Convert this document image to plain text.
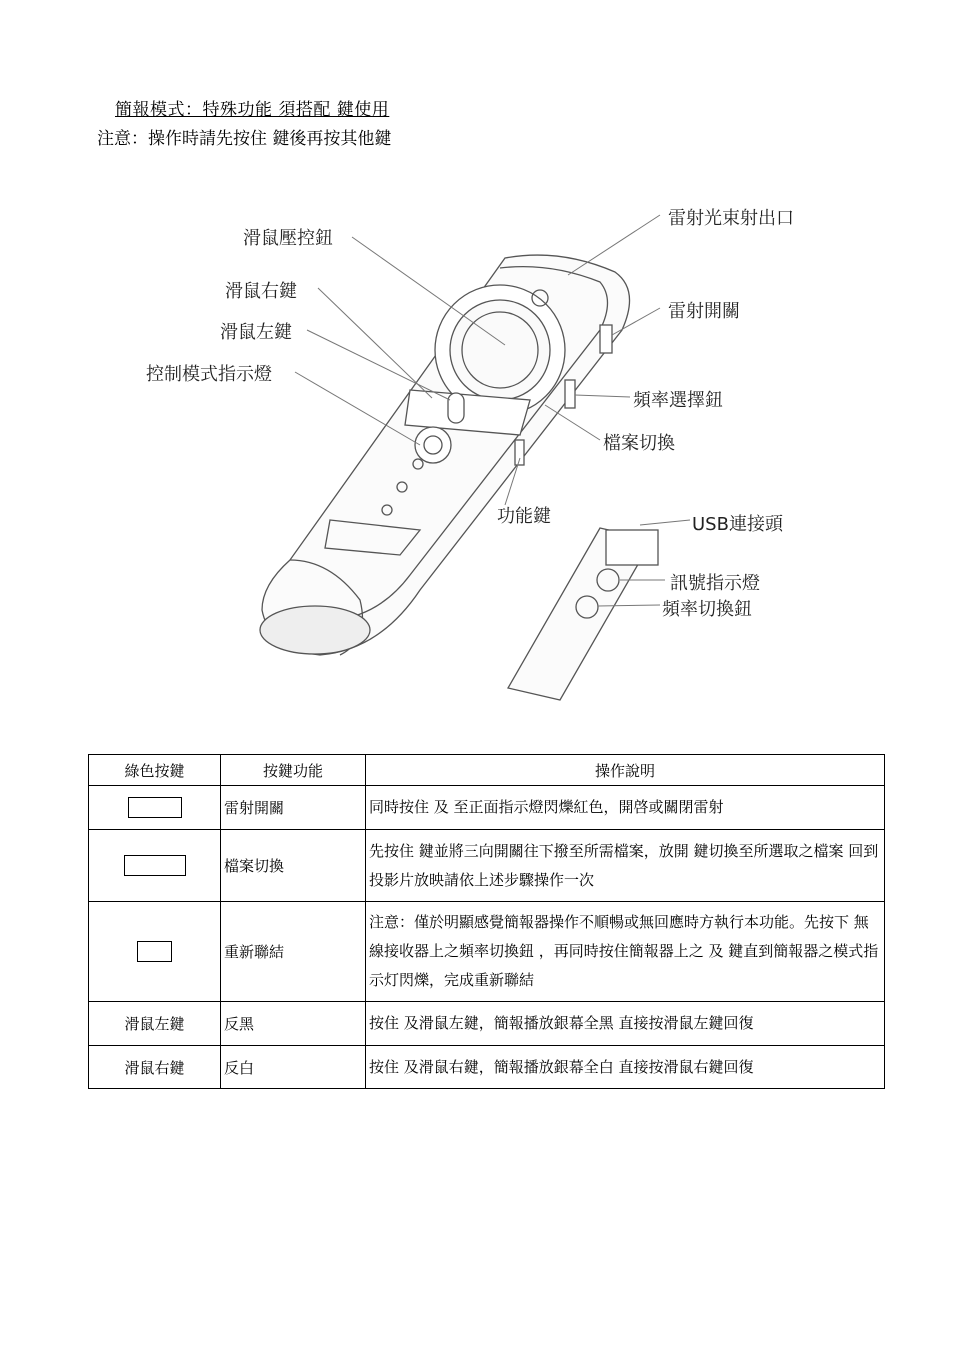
簡報模式：特殊功能 須搭配 鍵使用
注意：操作時請先按住 鍵後再按其他鍵
滑鼠壓控鈕
滑鼠右鍵
滑鼠左鍵
控制模式指示燈
雷射光束射出口
雷射開關
頻率選擇鈕
檔案切換
功能鍵	USB連接頭
訊號指示燈
頻率切換鈕
綠色按鍵	按鍵功能	操作說明
	雷射開關	同時按住 及 至正面指示燈閃爍紅色，開啓或關閉雷射
	檔案切換	先按住 鍵並將三向開關往下撥至所需檔案，放開 鍵切換至所選取之檔案 回到投影片放映請依上述步驟操作一次
	重新聯結	注意：僅於明顯感覺簡報器操作不順暢或無回應時方執行本功能。先按下 無線接收器上之頻率切換鈕 ，再同時按住簡報器上之 及 鍵直到簡報器之模式指示灯閃爍，完成重新聯結
滑鼠左鍵	反黑	按住 及滑鼠左鍵，簡報播放銀幕全黑 直接按滑鼠左鍵回復
滑鼠右鍵	反白	按住 及滑鼠右鍵，簡報播放銀幕全白 直接按滑鼠右鍵回復
